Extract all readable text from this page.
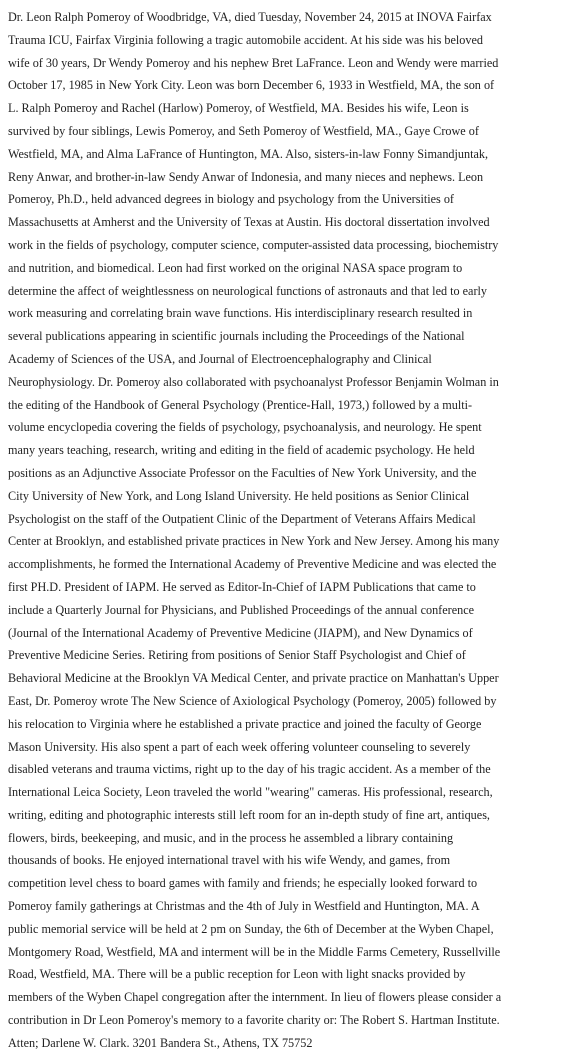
Dr. Leon Ralph Pomeroy of Woodbridge, VA, died Tuesday, November 24, 2015 at INOVA Fairfax
Trauma ICU, Fairfax Virginia following a tragic automobile accident. At his side was his beloved
wife of 30 years, Dr Wendy Pomeroy and his nephew Bret LaFrance. Leon and Wendy were married
October 17, 1985 in New York City. Leon was born December 6, 1933 in Westfield, MA, the son of
L. Ralph Pomeroy and Rachel (Harlow) Pomeroy, of Westfield, MA. Besides his wife, Leon is
survived by four siblings, Lewis Pomeroy, and Seth Pomeroy of Westfield, MA., Gaye Crowe of
Westfield, MA, and Alma LaFrance of Huntington, MA. Also, sisters-in-law Fonny Simandjuntak,
Reny Anwar, and brother-in-law Sendy Anwar of Indonesia, and many nieces and nephews. Leon
Pomeroy, Ph.D., held advanced degrees in biology and psychology from the Universities of
Massachusetts at Amherst and the University of Texas at Austin. His doctoral dissertation involved
work in the fields of psychology, computer science, computer-assisted data processing, biochemistry
and nutrition, and biomedical. Leon had first worked on the original NASA space program to
determine the affect of weightlessness on neurological functions of astronauts and that led to early
work measuring and correlating brain wave functions. His interdisciplinary research resulted in
several publications appearing in scientific journals including the Proceedings of the National
Academy of Sciences of the USA, and Journal of Electroencephalography and Clinical
Neurophysiology. Dr. Pomeroy also collaborated with psychoanalyst Professor Benjamin Wolman in
the editing of the Handbook of General Psychology (Prentice-Hall, 1973,) followed by a multi-
volume encyclopedia covering the fields of psychology, psychoanalysis, and neurology. He spent
many years teaching, research, writing and editing in the field of academic psychology. He held
positions as an Adjunctive Associate Professor on the Faculties of New York University, and the
City University of New York, and Long Island University. He held positions as Senior Clinical
Psychologist on the staff of the Outpatient Clinic of the Department of Veterans Affairs Medical
Center at Brooklyn, and established private practices in New York and New Jersey. Among his many
accomplishments, he formed the International Academy of Preventive Medicine and was elected the
first PH.D. President of IAPM. He served as Editor-In-Chief of IAPM Publications that came to
include a Quarterly Journal for Physicians, and Published Proceedings of the annual conference
(Journal of the International Academy of Preventive Medicine (JIAPM), and New Dynamics of
Preventive Medicine Series. Retiring from positions of Senior Staff Psychologist and Chief of
Behavioral Medicine at the Brooklyn VA Medical Center, and private practice on Manhattan's Upper
East, Dr. Pomeroy wrote The New Science of Axiological Psychology (Pomeroy, 2005) followed by
his relocation to Virginia where he established a private practice and joined the faculty of George
Mason University. His also spent a part of each week offering volunteer counseling to severely
disabled veterans and trauma victims, right up to the day of his tragic accident. As a member of the
International Leica Society, Leon traveled the world "wearing" cameras. His professional, research,
writing, editing and photographic interests still left room for an in-depth study of fine art, antiques,
flowers, birds, beekeeping, and music, and in the process he assembled a library containing
thousands of books. He enjoyed international travel with his wife Wendy, and games, from
competition level chess to board games with family and friends; he especially looked forward to
Pomeroy family gatherings at Christmas and the 4th of July in Westfield and Huntington, MA. A
public memorial service will be held at 2 pm on Sunday, the 6th of December at the Wyben Chapel,
Montgomery Road, Westfield, MA and interment will be in the Middle Farms Cemetery, Russellville
Road, Westfield, MA. There will be a public reception for Leon with light snacks provided by
members of the Wyben Chapel congregation after the internment. In lieu of flowers please consider a
contribution in Dr Leon Pomeroy's memory to a favorite charity or: The Robert S. Hartman Institute.
Atten; Darlene W. Clark. 3201 Bandera St., Athens, TX 75752
